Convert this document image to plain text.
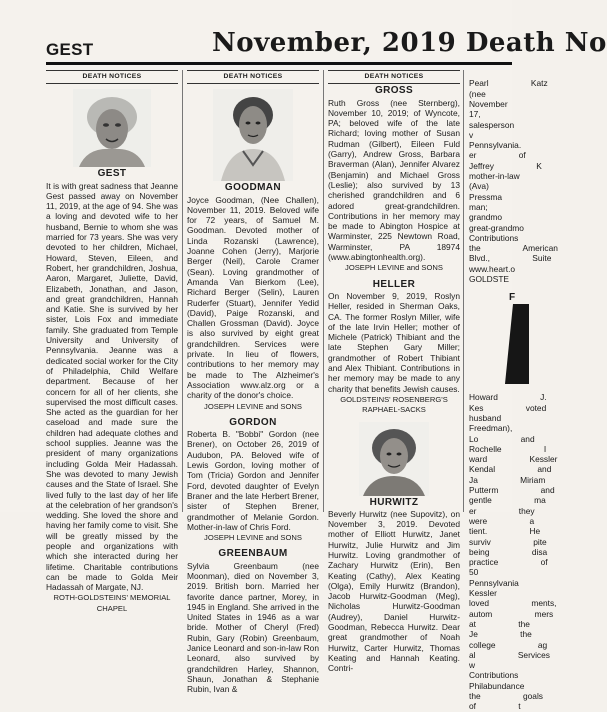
GEST	November, 2019 Death No
DEATH NOTICES
GEST

It is with great sadness that Jeanne Gest passed away on November 11, 2019, at the age of 94. She was a loving and devoted wife to her husband, Bernie to whom she was married for 73 years. She was very devoted to her children, Michael, Howard, Steven, Eileen, and Robert, her grandchildren, Joshua, Aaron, Margaret, Juliette, David, Elizabeth, Jonathan, and Jason, and great grandchildren, Hannah and Katie. She is survived by her sister, Lois Fox and immediate family. She graduated from Temple University and University of Pennsylvania. Jeanne was a dedicated social worker for the City of Philadelphia, Child Welfare department. Because of her concern for all of her clients, she supervised the most difficult cases. She acted as the guardian for her caseload and made sure the children had adequate clothes and school supplies. Jeanne was the president of many organizations including Golda Meir Hadassah. She was devoted to many Jewish causes and the State of Israel. She lived fully to the last day of her life at the celebration of her grandson's wedding. She loved the shore and having her family come to visit. She will be greatly missed by the people and organizations with which she interacted during her lifetime. Charitable contributions can be made to Golda Meir Hadassah of Margate, NJ.

ROTH-GOLDSTEINS' MEMORIAL CHAPEL
DEATH NOTICES
GOODMAN

Joyce Goodman, (Nee Challen), November 11, 2019. Beloved wife for 72 years, of Samuel M. Goodman. Devoted mother of Linda Rozanski (Lawrence), Joanne Cohen (Jerry), Marjorie Berger (Neil), Carole Cramer (Sean). Loving grandmother of Amanda Van Bierkom (Lee), Richard Berger (Selin), Lauren Ruderfer (Stuart), Jennifer Yedid (David), Paige Rozanski, and Challen Grossman (David). Joyce is also survived by eight great grandchildren. Services were private. In lieu of flowers, contributions to her memory may be made to The Alzheimer's Association www.alz.org or a charity of the donor's choice.

JOSEPH LEVINE and SONS
GORDON

Roberta B. "Bobbi" Gordon (nee Brener), on October 26, 2019 of Audubon, PA. Beloved wife of Lewis Gordon, loving mother of Tom (Tricia) Gordon and Jennifer Ford, devoted daughter of Evelyn Braner and the late Herbert Brener, sister of Stephen Brener, grandmother of Melanie Gordon. Mother-in-law of Chris Ford.

JOSEPH LEVINE and SONS
GREENBAUM

Sylvia Greenbaum (nee Moonman), died on November 3, 2019. British born. Married her favorite dance partner, Morey, in 1945 in England. She arrived in the United States in 1946 as a war bride. Mother of Cheryl (Fred) Rubin, Gary (Robin) Greenbaum, Janice Leonard and son-in-law Ron Leonard, also survived by grandchildren Harley, Shannon, Shaun, Jonathan & Stephanie Rubin, Ivan &

DEATH NOTICES
GROSS

Ruth Gross (nee Sternberg), November 10, 2019; of Wyncote, PA; beloved wife of the late Richard; loving mother of Susan Rudman (Gilbert), Eileen Fuld (Garry), Andrew Gross, Barbara Braverman (Alan), Jennifer Alvarez (Benjamin) and Michael Gross (Leslie); also survived by 13 cherished grandchildren and 6 adored great-grandchildren. Contributions in her memory may be made to Abington Hospice at Warminster, 225 Newtown Road, Warminster, PA 18974 (www.abingtonhealth.org).

JOSEPH LEVINE and SONS
HELLER

On November 9, 2019, Roslyn Heller, resided in Sherman Oaks, CA. The former Roslyn Miller, wife of the late Irvin Heller; mother of Michele (Patrick) Thibiant and the late Stephen Gary Miller; grandmother of Robert Thibiant and Alex Thibiant. Contributions in her memory may be made to any charity that benefits Jewish causes.

GOLDSTEINS' ROSENBERG'S RAPHAEL-SACKS
HURWITZ

Beverly Hurwitz (nee Supovitz), on November 3, 2019. Devoted mother of Elliott Hurwitz, Janet Hurwitz, Julie Hurwitz and Jim Hurwitz. Loving grandmother of Zachary Hurwitz (Erin), Ben Keating (Cathy), Alex Keating (Olga), Emily Hurwitz (Brandon), Jacob Hurwitz-Goodman (Meg), Nicholas Hurwitz-Goodman (Audrey), Daniel Hurwitz-Goodman, Rebecca Hurwitz. Dear great grandmother of Noah Hurwitz, Carter Hurwitz, Thomas Keating and Hannah Keating. Contri-

Pearl Katz (nee November 17, salesperson v Pennsylvania. er of Jeffrey K mother-in-law (Ava) Pressma man; grandmo great-grandmo Contributions the American Blvd., Suite www.heart.o GOLDSTE

F

Howard J. Kes voted husband Freedman), Lo and Rochelle I ward Kessler Kendal and Ja Miriam Putterm and gentle ma er they were a tient. He surviv pite being disa practice of 50 Pennsylvania Kessler loved ments, autom mers at the Je the college ag al Services w Contributions Philabundance the goals of t
